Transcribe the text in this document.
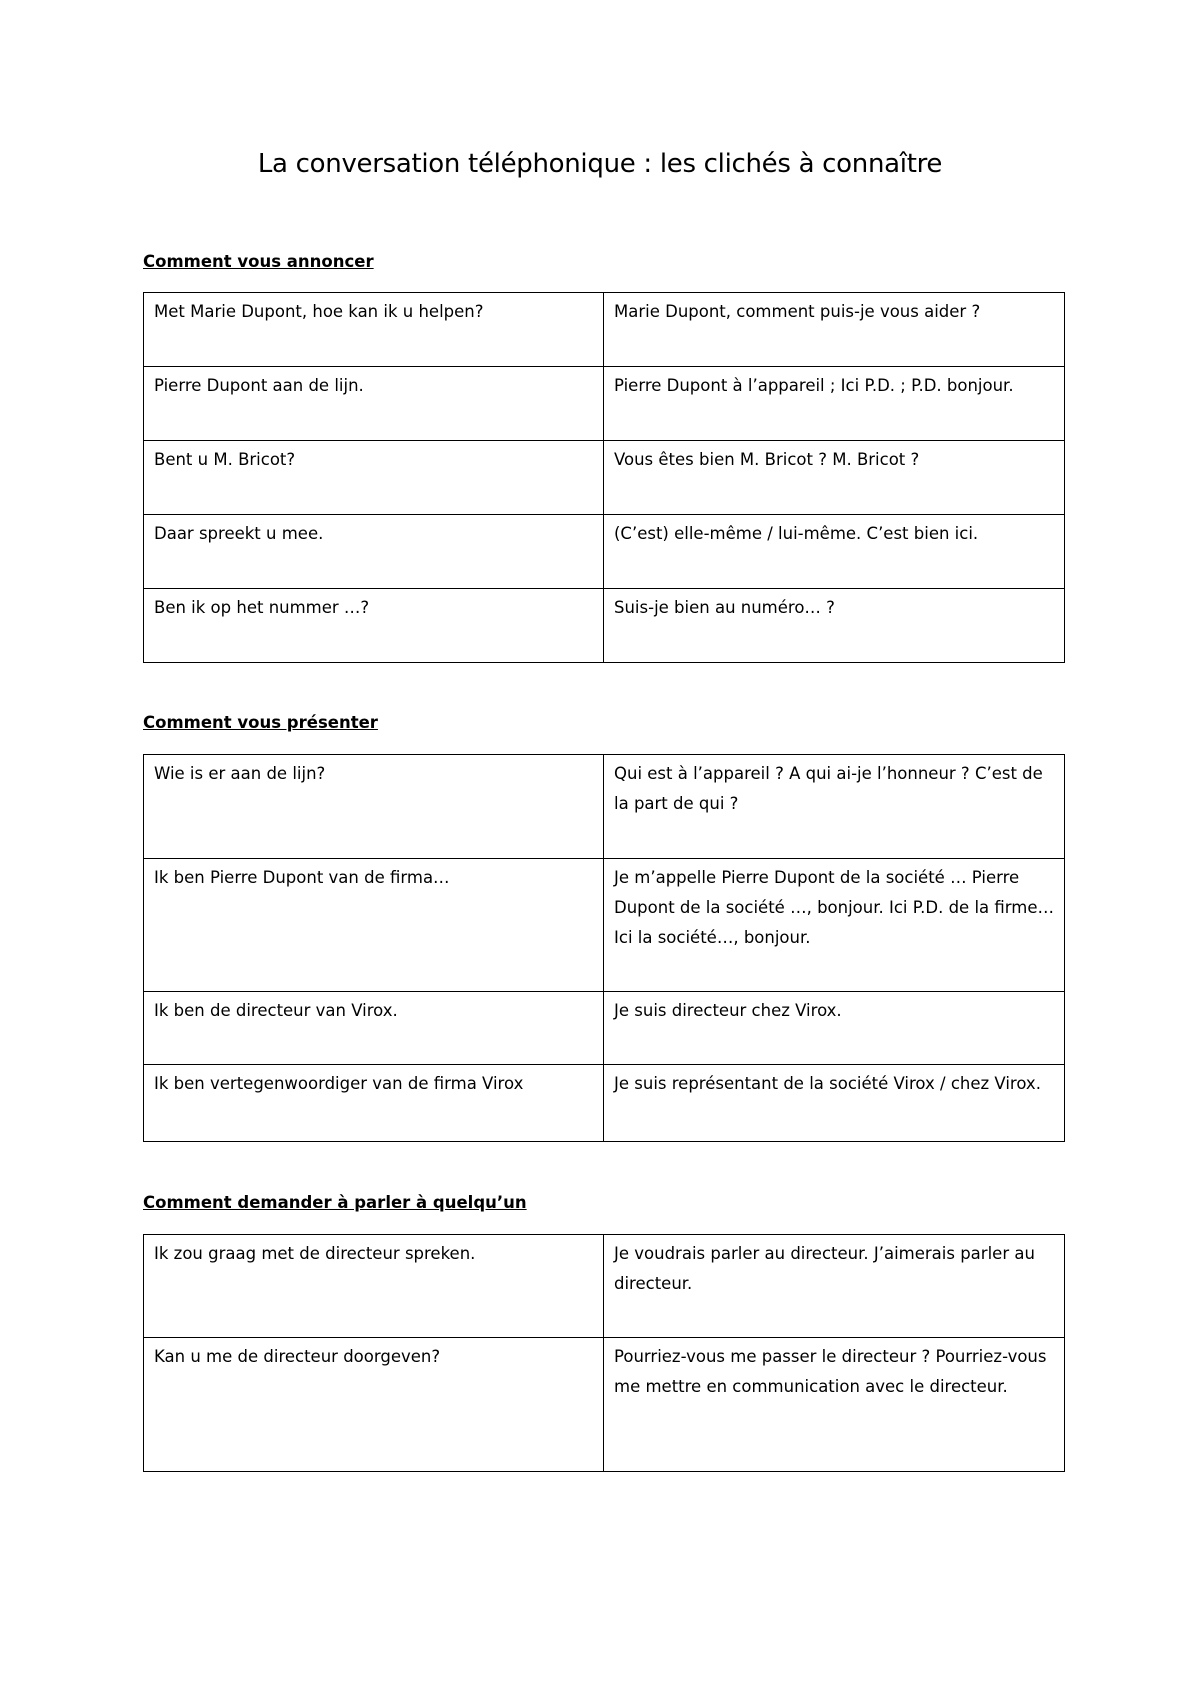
La conversation téléphonique : les clichés à connaître
Comment vous annoncer
Met Marie Dupont, hoe kan ik u helpen?	Marie Dupont, comment puis-je vous aider ?
Pierre Dupont aan de lijn.	Pierre Dupont à l’appareil ; Ici P.D. ; P.D. bonjour.
Bent u M. Bricot?	Vous êtes bien M. Bricot ? M. Bricot ?
Daar spreekt u mee.	(C’est) elle-même / lui-même. C’est bien ici.
Ben ik op het nummer …?	Suis-je bien au numéro… ?
Comment vous présenter
Wie is er aan de lijn?	Qui est à l’appareil ? A qui ai-je l’honneur ? C’est de la part de qui ?
Ik ben Pierre Dupont van de firma…	Je m’appelle Pierre Dupont de la société … Pierre Dupont de la société …, bonjour. Ici P.D. de la firme… Ici la société…, bonjour.
Ik ben de directeur van Virox.	Je suis directeur chez Virox.
Ik ben vertegenwoordiger van de firma Virox	Je suis représentant de la société Virox / chez Virox.
Comment demander à parler à quelqu’un
Ik zou graag met de directeur spreken.	Je voudrais parler au directeur. J’aimerais parler au directeur.
Kan u me de directeur doorgeven?	Pourriez-vous me passer le directeur ? Pourriez-vous me mettre en communication avec le directeur.
